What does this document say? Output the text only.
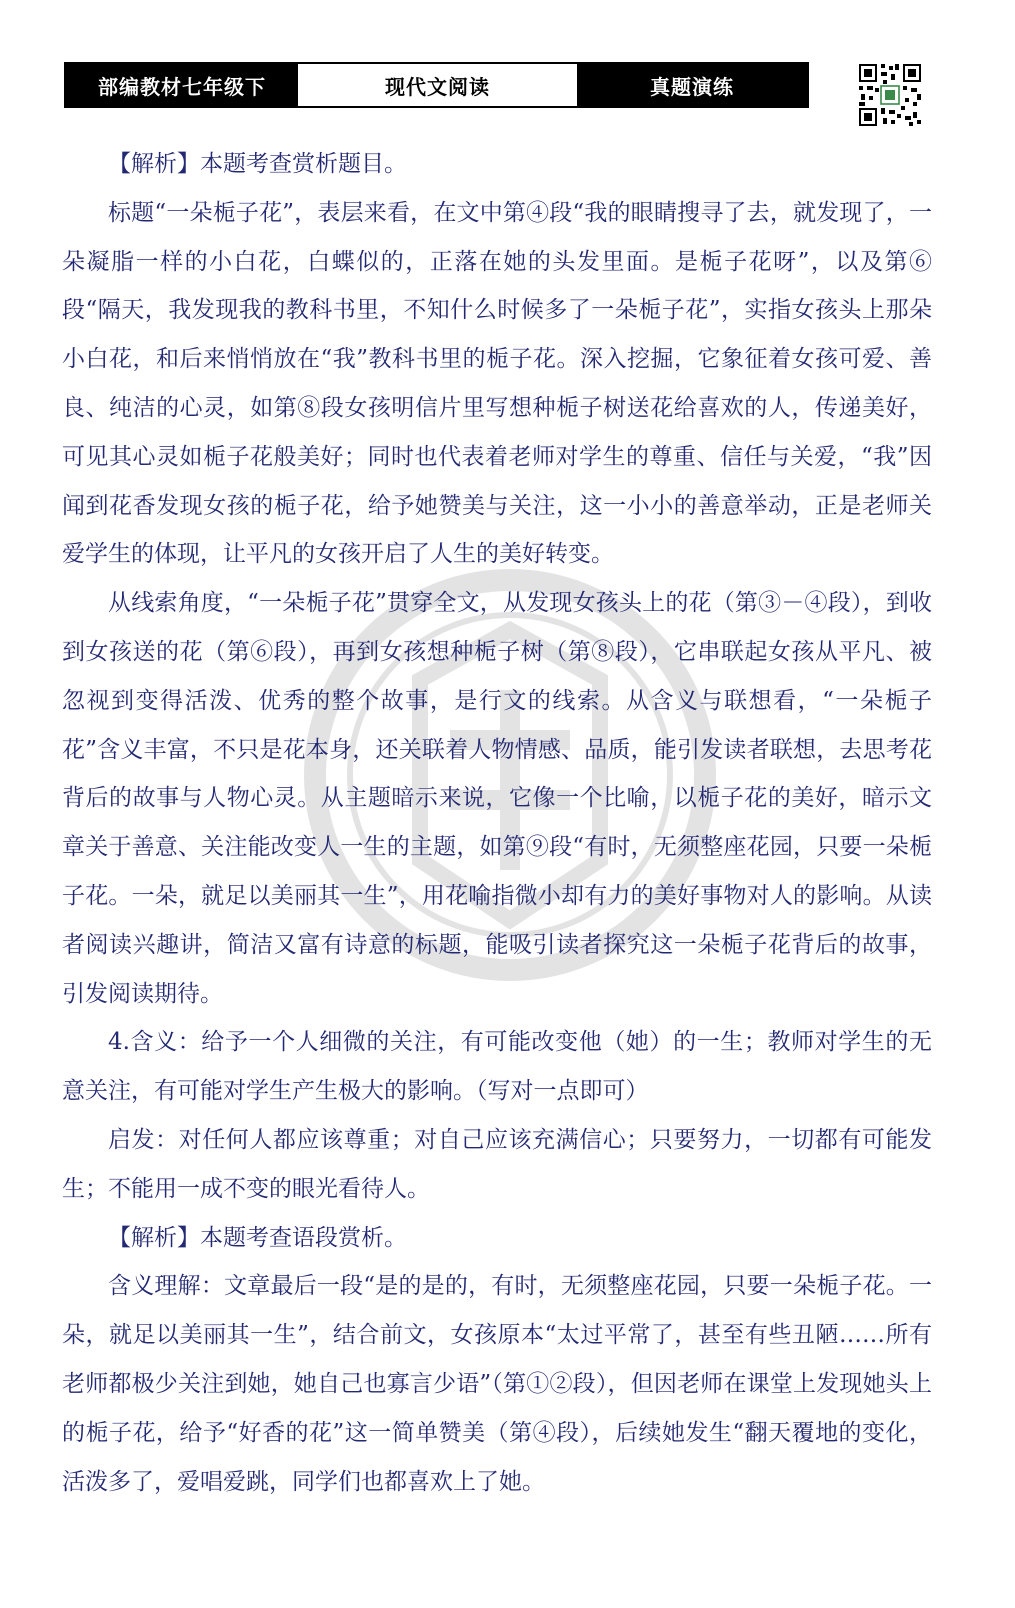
部编教材七年级下	现代文阅读	真题演练

【解析】本题考查赏析题目。

标题“一朵栀子花”，表层来看，在文中第④段“我的眼睛搜寻了去，就发现了，一朵凝脂一样的小白花，白蝶似的，正落在她的头发里面。是栀子花呀”，以及第⑥段“隔天，我发现我的教科书里，不知什么时候多了一朵栀子花”，实指女孩头上那朵小白花，和后来悄悄放在“我”教科书里的栀子花。深入挖掘，它象征着女孩可爱、善良、纯洁的心灵，如第⑧段女孩明信片里写想种栀子树送花给喜欢的人，传递美好，可见其心灵如栀子花般美好；同时也代表着老师对学生的尊重、信任与关爱，“我”因闻到花香发现女孩的栀子花，给予她赞美与关注，这一小小的善意举动，正是老师关爱学生的体现，让平凡的女孩开启了人生的美好转变。

从线索角度，“一朵栀子花”贯穿全文，从发现女孩头上的花（第③－④段），到收到女孩送的花（第⑥段），再到女孩想种栀子树（第⑧段），它串联起女孩从平凡、被忽视到变得活泼、优秀的整个故事，是行文的线索。从含义与联想看，“一朵栀子花”含义丰富，不只是花本身，还关联着人物情感、品质，能引发读者联想，去思考花背后的故事与人物心灵。从主题暗示来说，它像一个比喻，以栀子花的美好，暗示文章关于善意、关注能改变人一生的主题，如第⑨段“有时，无须整座花园，只要一朵栀子花。一朵，就足以美丽其一生”，用花喻指微小却有力的美好事物对人的影响。从读者阅读兴趣讲，简洁又富有诗意的标题，能吸引读者探究这一朵栀子花背后的故事，引发阅读期待。

4.含义：给予一个人细微的关注，有可能改变他（她）的一生；教师对学生的无意关注，有可能对学生产生极大的影响。（写对一点即可）

启发：对任何人都应该尊重；对自己应该充满信心；只要努力，一切都有可能发生；不能用一成不变的眼光看待人。

【解析】本题考查语段赏析。

含义理解：文章最后一段“是的是的，有时，无须整座花园，只要一朵栀子花。一朵，就足以美丽其一生”，结合前文，女孩原本“太过平常了，甚至有些丑陋……所有老师都极少关注到她，她自己也寡言少语”（第①②段），但因老师在课堂上发现她头上的栀子花，给予“好香的花”这一简单赞美（第④段），后续她发生“翻天覆地的变化，活泼多了，爱唱爱跳，同学们也都喜欢上了她。
